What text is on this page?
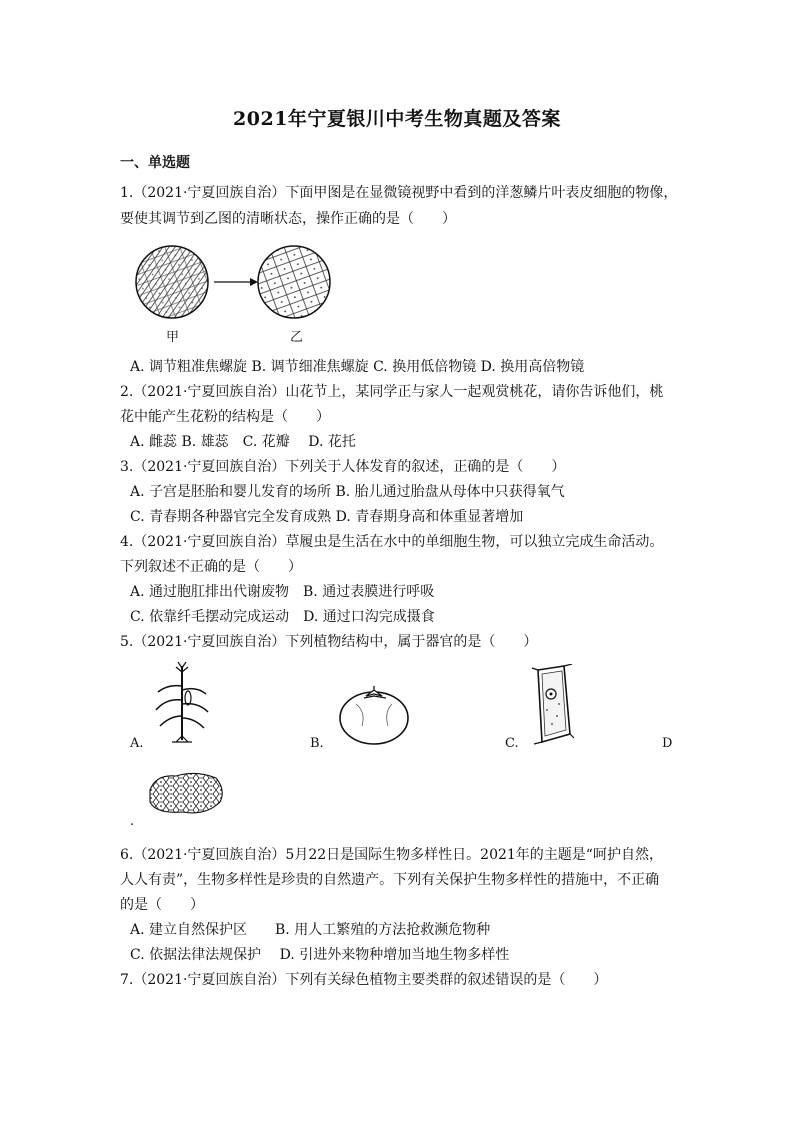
2021年宁夏银川中考生物真题及答案
一、单选题
1.（2021·宁夏回族自治）下面甲图是在显微镜视野中看到的洋葱鳞片叶表皮细胞的物像，
要使其调节到乙图的清晰状态，操作正确的是（　　）
甲	乙
A. 调节粗准焦螺旋 B. 调节细准焦螺旋 C. 换用低倍物镜 D. 换用高倍物镜
2.（2021·宁夏回族自治）山花节上，某同学正与家人一起观赏桃花，请你告诉他们，桃
花中能产生花粉的结构是（　　）
A. 雌蕊 B. 雄蕊　C. 花瓣　 D. 花托
3.（2021·宁夏回族自治）下列关于人体发育的叙述，正确的是（　　）
A. 子宫是胚胎和婴儿发育的场所 B. 胎儿通过胎盘从母体中只获得氧气
C. 青春期各种器官完全发育成熟 D. 青春期身高和体重显著增加
4.（2021·宁夏回族自治）草履虫是生活在水中的单细胞生物，可以独立完成生命活动。
下列叙述不正确的是（　　）
A. 通过胞肛排出代谢废物　B. 通过表膜进行呼吸
C. 依靠纤毛摆动完成运动　D. 通过口沟完成摄食
5.（2021·宁夏回族自治）下列植物结构中，属于器官的是（　　）
A.	B.	C.	D
.
6.（2021·宁夏回族自治）5月22日是国际生物多样性日。2021年的主题是“呵护自然，
人人有责”，生物多样性是珍贵的自然遗产。下列有关保护生物多样性的措施中，不正确
的是（　　）
A. 建立自然保护区　　B. 用人工繁殖的方法抢救濒危物种
C. 依据法律法规保护　 D. 引进外来物种增加当地生物多样性
7.（2021·宁夏回族自治）下列有关绿色植物主要类群的叙述错误的是（　　）
